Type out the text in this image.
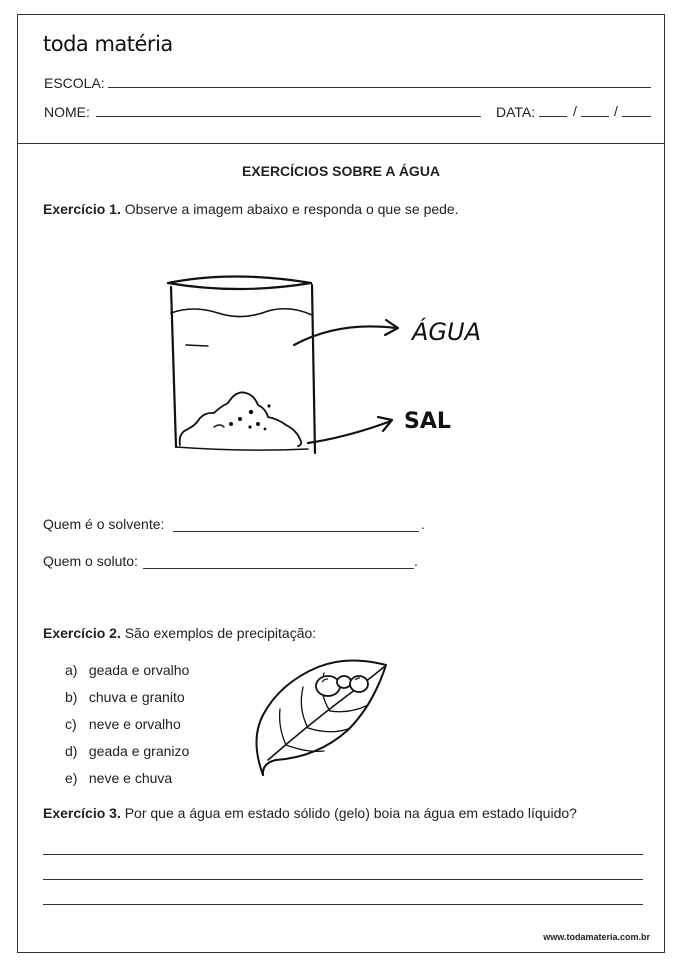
toda matéria
ESCOLA:
NOME:	DATA:	/	/
EXERCÍCIOS SOBRE A ÁGUA
Exercício 1. Observe a imagem abaixo e responda o que se pede.
ÁGUA
SAL
Quem é o solvente:	.
Quem o soluto:	.
Exercício 2. São exemplos de precipitação:
a) geada e orvalho
b) chuva e granito
c) neve e orvalho
d) geada e granizo
e) neve e chuva
Exercício 3. Por que a água em estado sólido (gelo) boia na água em estado líquido?
www.todamateria.com.br
